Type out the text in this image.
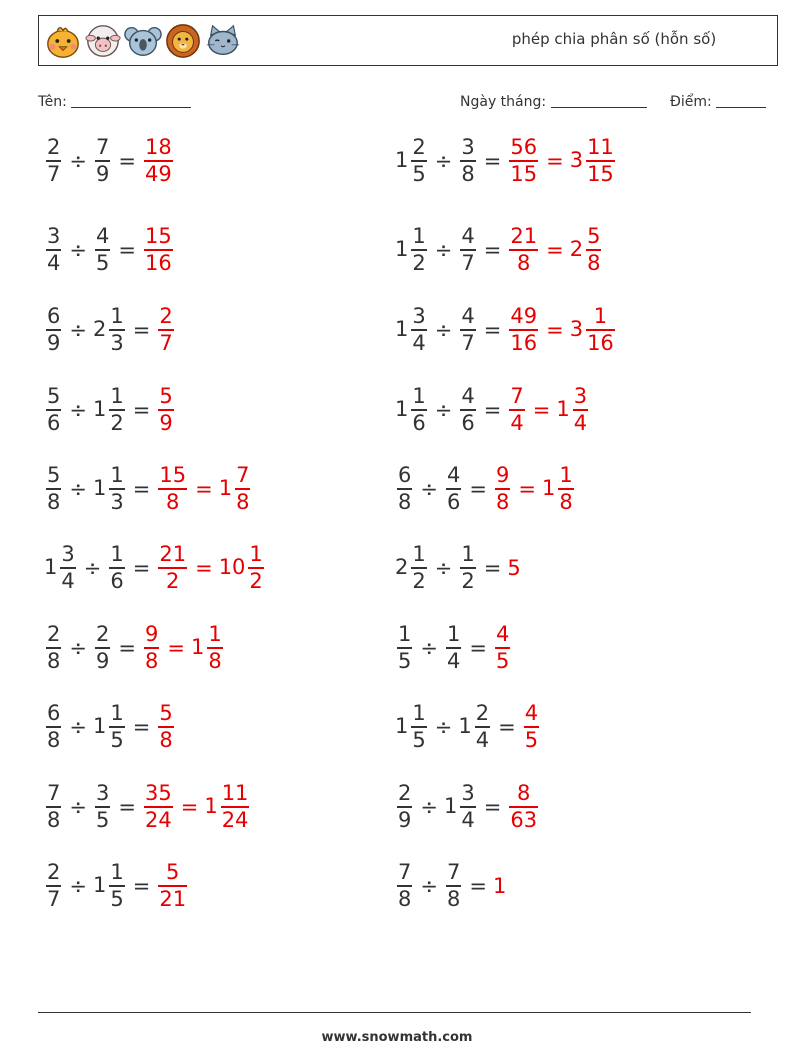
phép chia phân số (hỗn số)
Tên:	Ngày tháng:	Điểm:
$\frac{2}{7} \div \frac{7}{9} = \frac{18}{49}$	$1 \frac{2}{5} \div \frac{3}{8} = \frac{56}{15} = 3 \frac{11}{15}$
$\frac{3}{4} \div \frac{4}{5} = \frac{15}{16}$	$1 \frac{1}{2} \div \frac{4}{7} = \frac{21}{8} = 2 \frac{5}{8}$
$\frac{6}{9} \div 2 \frac{1}{3} = \frac{2}{7}$	$1 \frac{3}{4} \div \frac{4}{7} = \frac{49}{16} = 3 \frac{1}{16}$
$\frac{5}{6} \div 1 \frac{1}{2} = \frac{5}{9}$	$1 \frac{1}{6} \div \frac{4}{6} = \frac{7}{4} = 1 \frac{3}{4}$
$\frac{5}{8} \div 1 \frac{1}{3} = \frac{15}{8} = 1 \frac{7}{8}$	$\frac{6}{8} \div \frac{4}{6} = \frac{9}{8} = 1 \frac{1}{8}$
$1 \frac{3}{4} \div \frac{1}{6} = \frac{21}{2} = 10 \frac{1}{2}$	$2 \frac{1}{2} \div \frac{1}{2} = 5$
$\frac{2}{8} \div \frac{2}{9} = \frac{9}{8} = 1 \frac{1}{8}$	$\frac{1}{5} \div \frac{1}{4} = \frac{4}{5}$
$\frac{6}{8} \div 1 \frac{1}{5} = \frac{5}{8}$	$1 \frac{1}{5} \div 1 \frac{2}{4} = \frac{4}{5}$
$\frac{7}{8} \div \frac{3}{5} = \frac{35}{24} = 1 \frac{11}{24}$	$\frac{2}{9} \div 1 \frac{3}{4} = \frac{8}{63}$
$\frac{2}{7} \div 1 \frac{1}{5} = \frac{5}{21}$	$\frac{7}{8} \div \frac{7}{8} = 1$
www.snowmath.com
